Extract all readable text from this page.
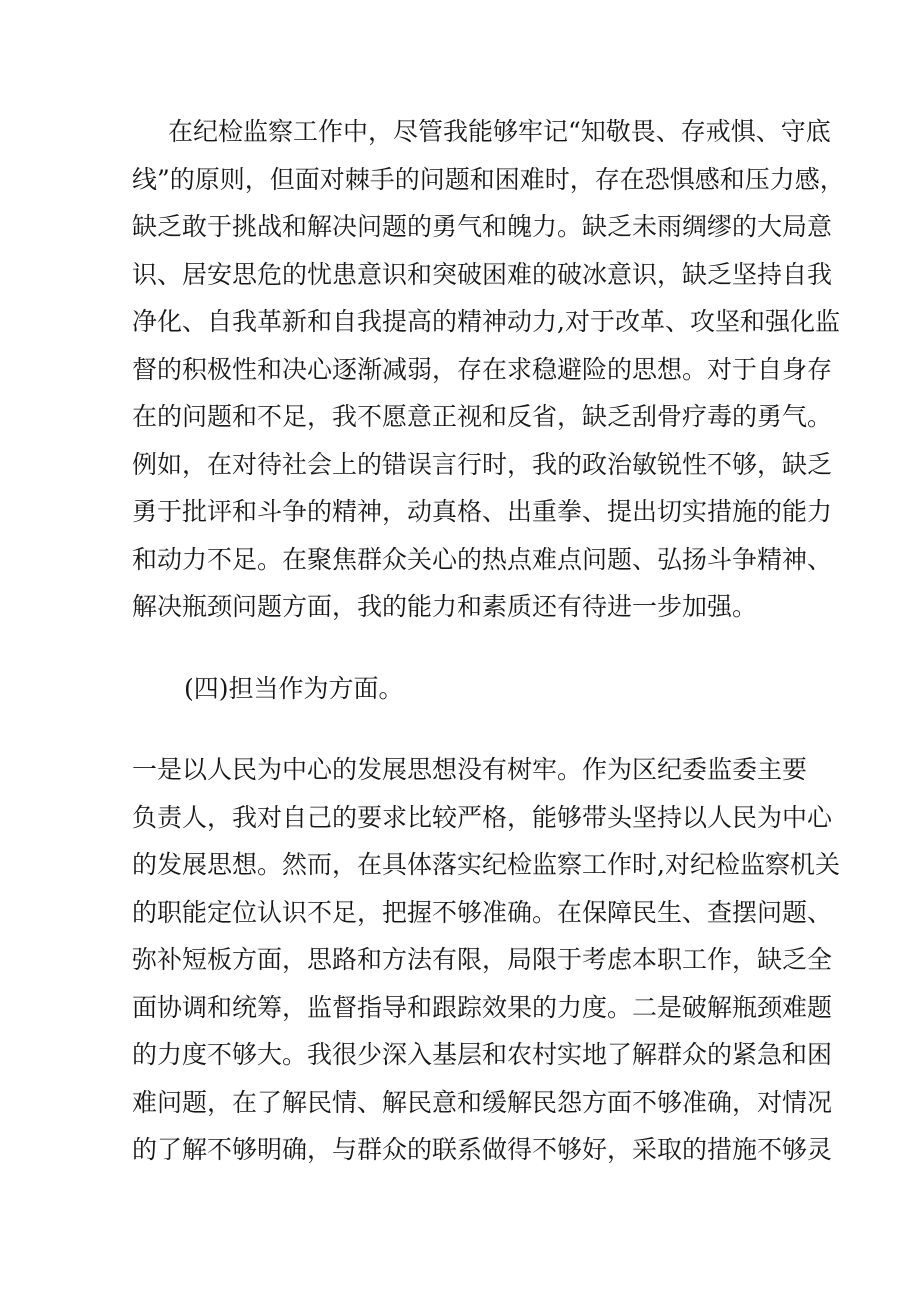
在纪检监察工作中，尽管我能够牢记“知敬畏、存戒惧、守底
线”的原则，但面对棘手的问题和困难时，存在恐惧感和压力感，
缺乏敢于挑战和解决问题的勇气和魄力。缺乏未雨绸缪的大局意
识、居安思危的忧患意识和突破困难的破冰意识，缺乏坚持自我
净化、自我革新和自我提高的精神动力,对于改革、攻坚和强化监
督的积极性和决心逐渐减弱，存在求稳避险的思想。对于自身存
在的问题和不足，我不愿意正视和反省，缺乏刮骨疗毒的勇气。
例如，在对待社会上的错误言行时，我的政治敏锐性不够，缺乏
勇于批评和斗争的精神，动真格、出重拳、提出切实措施的能力
和动力不足。在聚焦群众关心的热点难点问题、弘扬斗争精神、
解决瓶颈问题方面，我的能力和素质还有待进一步加强。
(四)担当作为方面。
一是以人民为中心的发展思想没有树牢。作为区纪委监委主要
负责人，我对自己的要求比较严格，能够带头坚持以人民为中心
的发展思想。然而，在具体落实纪检监察工作时,对纪检监察机关
的职能定位认识不足，把握不够准确。在保障民生、查摆问题、
弥补短板方面，思路和方法有限，局限于考虑本职工作，缺乏全
面协调和统筹，监督指导和跟踪效果的力度。二是破解瓶颈难题
的力度不够大。我很少深入基层和农村实地了解群众的紧急和困
难问题，在了解民情、解民意和缓解民怨方面不够准确，对情况
的了解不够明确，与群众的联系做得不够好，采取的措施不够灵
